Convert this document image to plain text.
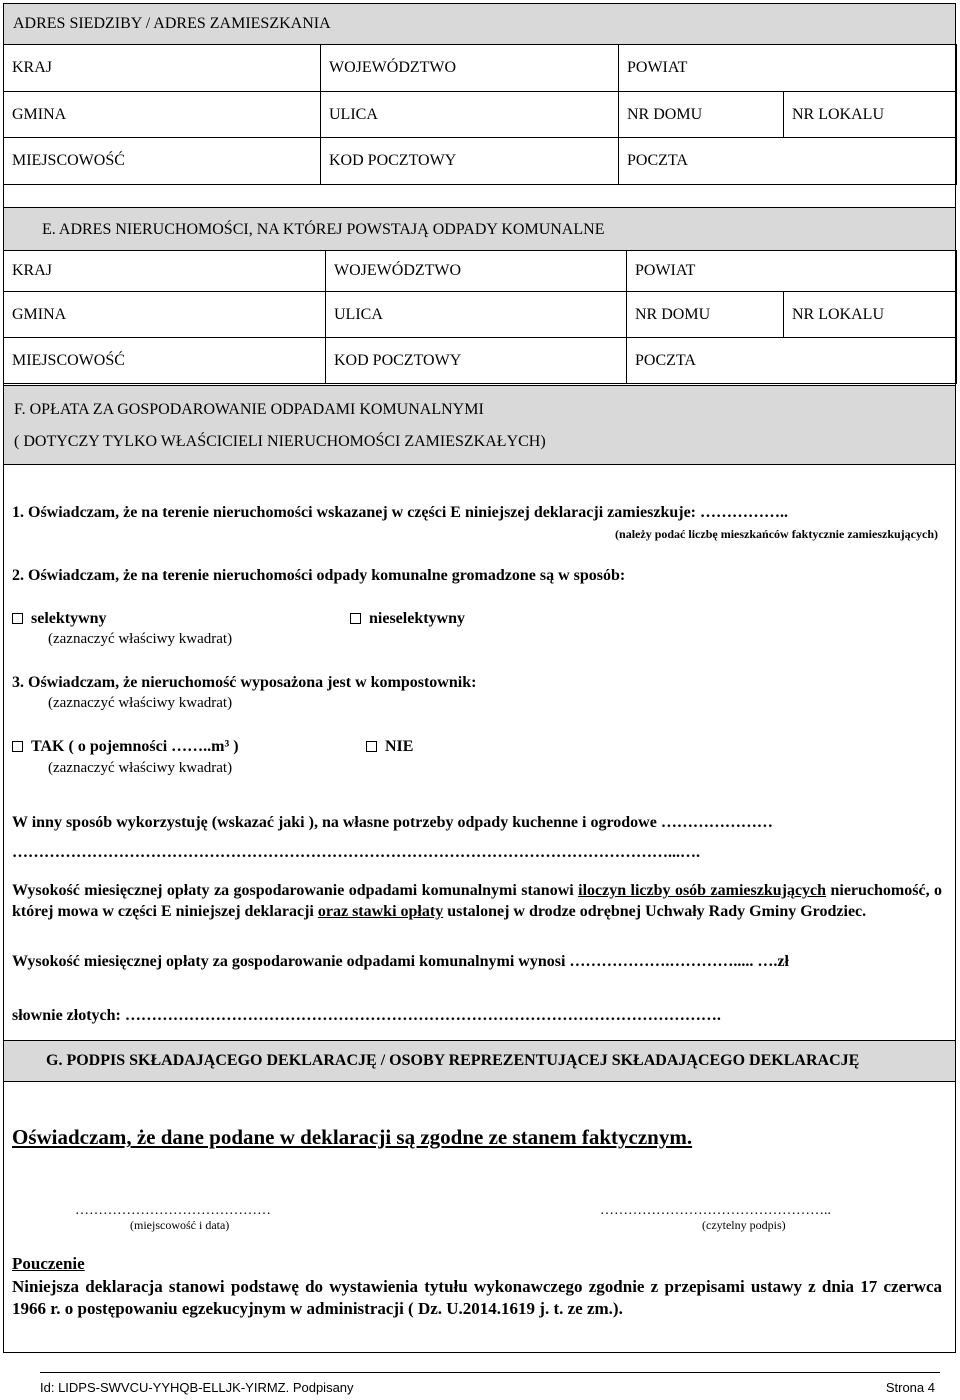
ADRES SIEDZIBY / ADRES ZAMIESZKANIA
KRAJ	WOJEWÓDZTWO	POWIAT	
GMINA	ULICA	NR DOMU	NR LOKALU
MIEJSCOWOŚĆ	KOD POCZTOWY	POCZTA	
E. ADRES NIERUCHOMOŚCI, NA KTÓREJ POWSTAJĄ ODPADY KOMUNALNE
KRAJ	WOJEWÓDZTWO	POWIAT	
GMINA	ULICA	NR DOMU	NR LOKALU
MIEJSCOWOŚĆ	KOD POCZTOWY	POCZTA	
F. OPŁATA ZA GOSPODAROWANIE ODPADAMI KOMUNALNYMI
( DOTYCZY TYLKO WŁAŚCICIELI NIERUCHOMOŚCI ZAMIESZKAŁYCH)
1. Oświadczam, że na terenie nieruchomości wskazanej w części E niniejszej deklaracji zamieszkuje: ……………..
(należy podać liczbę mieszkańców faktycznie zamieszkujących)
2. Oświadczam, że na terenie nieruchomości odpady komunalne gromadzone są w sposób:
selektywny
(zaznaczyć właściwy kwadrat)
nieselektywny
3. Oświadczam, że nieruchomość wyposażona jest w kompostownik:
(zaznaczyć właściwy kwadrat)
TAK ( o pojemności ……..m³ )
(zaznaczyć właściwy kwadrat)
NIE
W inny sposób wykorzystuję (wskazać jaki ), na własne potrzeby odpady kuchenne i ogrodowe …………………
……………………………………………………………………………………………………………...….
Wysokość miesięcznej opłaty za gospodarowanie odpadami komunalnymi stanowi iloczyn liczby osób zamieszkujących nieruchomość, o której mowa w części E niniejszej deklaracji oraz stawki opłaty ustalonej w drodze odrębnej Uchwały Rady Gminy Grodziec.
Wysokość miesięcznej opłaty za gospodarowanie odpadami komunalnymi wynosi ……………….…………..... ….zł
słownie złotych: ………………………………………………………………………………………………….
G. PODPIS SKŁADAJĄCEGO DEKLARACJĘ / OSOBY REPREZENTUJĄCEJ SKŁADAJĄCEGO DEKLARACJĘ
Oświadczam, że dane podane w deklaracji są zgodne ze stanem faktycznym.
……………………………………
(miejscowość i data)
…………………………………………..
(czytelny podpis)
Pouczenie
Niniejsza deklaracja stanowi podstawę do wystawienia tytułu wykonawczego zgodnie z przepisami ustawy z dnia 17 czerwca 1966 r. o postępowaniu egzekucyjnym w administracji ( Dz. U.2014.1619 j. t. ze zm.).
Id: LIDPS-SWVCU-YYHQB-ELLJK-YIRMZ. Podpisany	Strona 4
